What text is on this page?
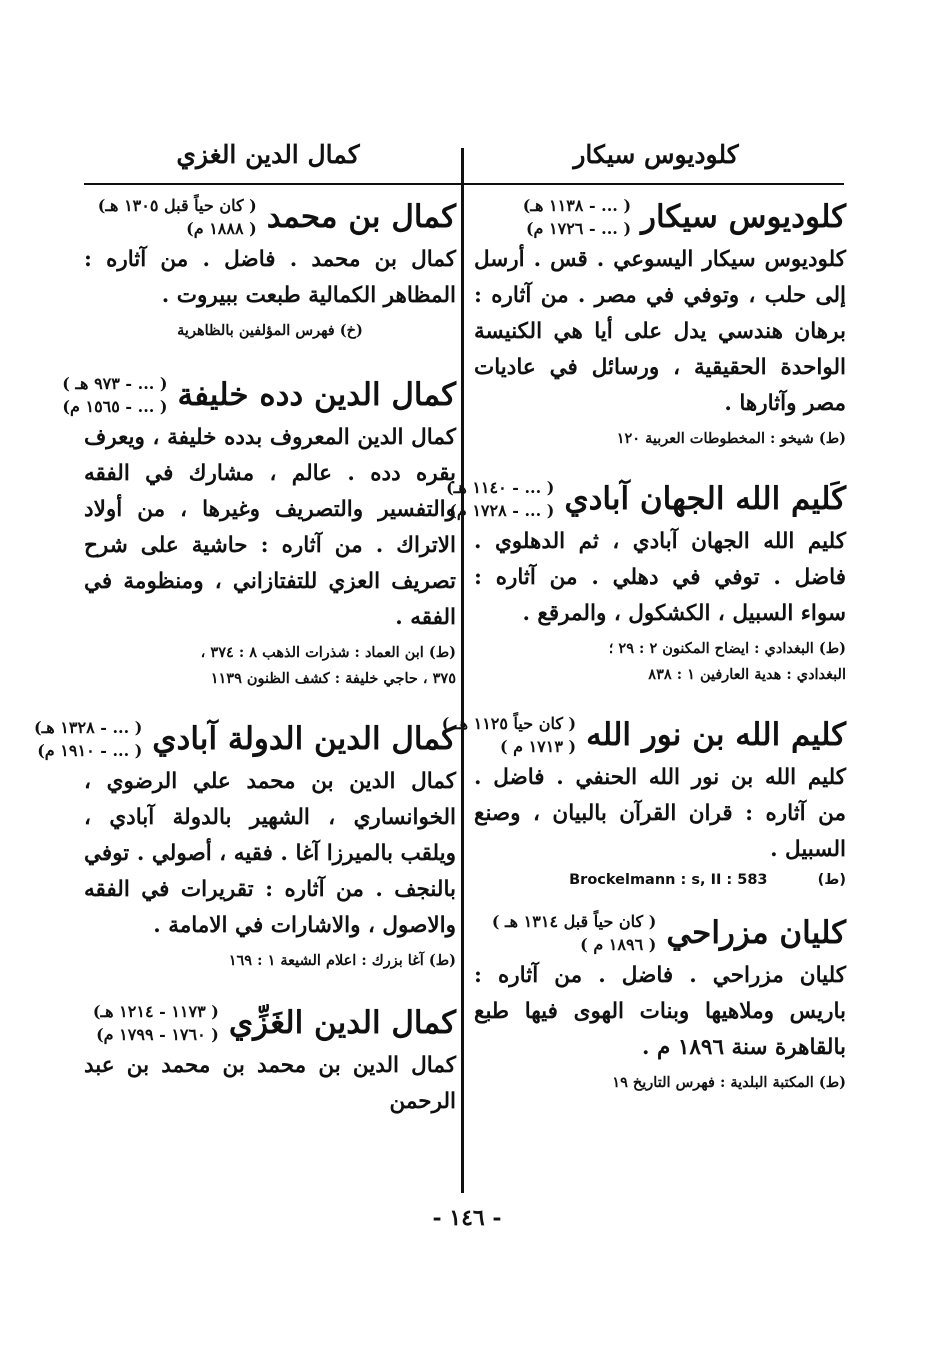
كلوديوس سيكار
كمال الدين الغزي
كلوديوس سيكار
( ... - ١١٣٨ هـ)
( ... - ١٧٢٦ م)

كلوديوس سيكار اليسوعي . قس . أرسل إلى حلب ، وتوفي في مصر . من آثاره : برهان هندسي يدل على أيا هي الكنيسة الواحدة الحقيقية ، ورسائل في عاديات مصر وآثارها .

(ط) شيخو : المخطوطات العربية ١٢٠
كَليم الله الجهان آبادي
( ... - ١١٤٠ هـ)
( ... - ١٧٢٨ م)

كليم الله الجهان آبادي ، ثم الدهلوي . فاضل . توفي في دهلي . من آثاره : سواء السبيل ، الكشكول ، والمرقع .

(ط) البغدادي : ايضاح المكنون ٢ : ٢٩ ؛
البغدادي : هدية العارفين ١ : ٨٣٨
كليم الله بن نور الله
( كان حياً ١١٢٥ هـ )
( ١٧١٣ م )

كليم الله بن نور الله الحنفي . فاضل . من آثاره : قران القرآن بالبيان ، وصنع السبيل .

Brockelmann : s, II : 583	(ط)
كليان مزراحي
( كان حياً قبل ١٣١٤ هـ )
( ١٨٩٦ م )

كليان مزراحي . فاضل . من آثاره : باريس وملاهيها وبنات الهوى فيها طبع بالقاهرة سنة ١٨٩٦ م .

(ط) المكتبة البلدية : فهرس التاريخ ١٩
كمال بن محمد
( كان حياً قبل ١٣٠٥ هـ)
( ١٨٨٨ م)

كمال بن محمد . فاضل . من آثاره : المظاهر الكمالية طبعت ببيروت .

(خ) فهرس المؤلفين بالظاهرية
كمال الدين دده خليفة
( ... - ٩٧٣ هـ )
( ... - ١٥٦٥ م)

كمال الدين المعروف بدده خليفة ، ويعرف بقره دده . عالم ، مشارك في الفقه والتفسير والتصريف وغيرها ، من أولاد الاتراك . من آثاره : حاشية على شرح تصريف العزي للتفتازاني ، ومنظومة في الفقه .

(ط) ابن العماد : شذرات الذهب ٨ : ٣٧٤ ،
٣٧٥ ، حاجي خليفة : كشف الظنون ١١٣٩
كمال الدين الدولة آبادي
( ... - ١٣٢٨ هـ)
( ... - ١٩١٠ م)

كمال الدين بن محمد علي الرضوي ، الخوانساري ، الشهير بالدولة آبادي ، ويلقب بالميرزا آغا . فقيه ، أصولي . توفي بالنجف . من آثاره : تقريرات في الفقه والاصول ، والاشارات في الامامة .

(ط) آغا بزرك : اعلام الشيعة ١ : ١٦٩
كمال الدين الغَزِّي
( ١١٧٣ - ١٢١٤ هـ)
( ١٧٦٠ - ١٧٩٩ م)

كمال الدين بن محمد بن محمد بن عبد الرحمن

- ١٤٦ -
